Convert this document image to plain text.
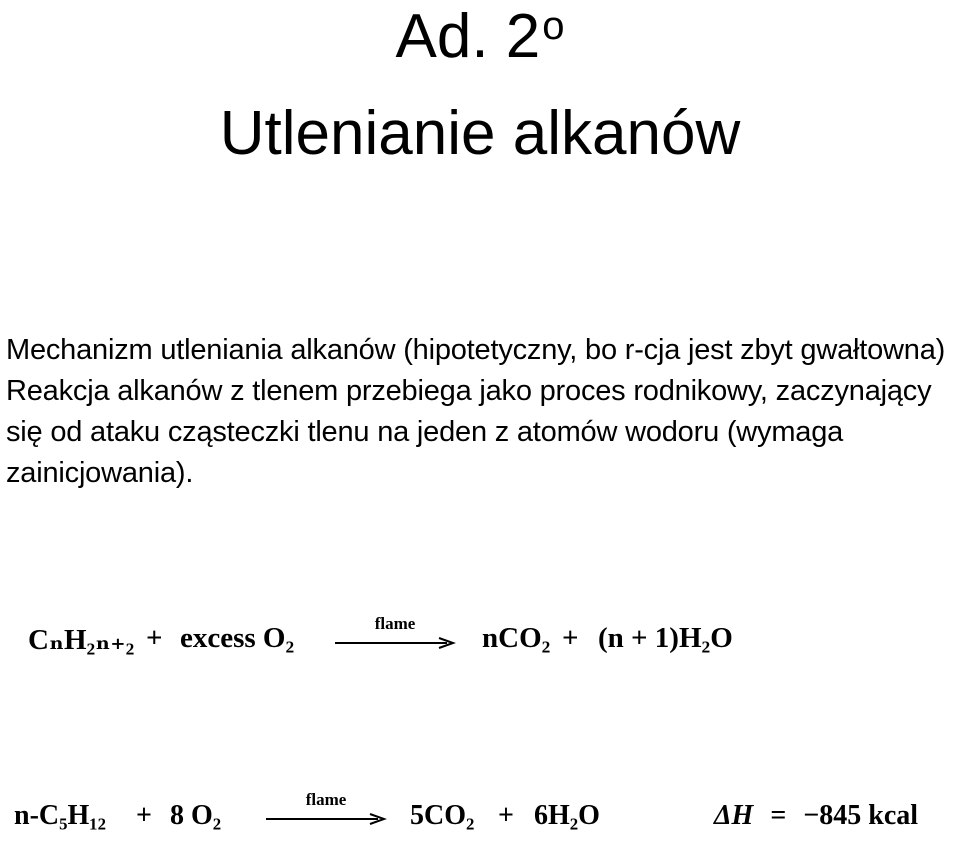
Ad. 2$^o$
Utlenianie alkanów

Mechanizm utleniania alkanów (hipotetyczny, bo r-cja jest zbyt gwałtowna)

Reakcja alkanów z tlenem przebiega jako proces rodnikowy, zaczynający się od ataku cząsteczki tlenu na jeden z atomów wodoru (wymaga zainicjowania).

CₙH₂ₙ₊₂ + excess O₂	flame	nCO₂ + (n + 1)H₂O
n-C₅H₁₂ + 8 O₂
flame
5CO₂ + 6H₂O	ΔH = −845 kcal
